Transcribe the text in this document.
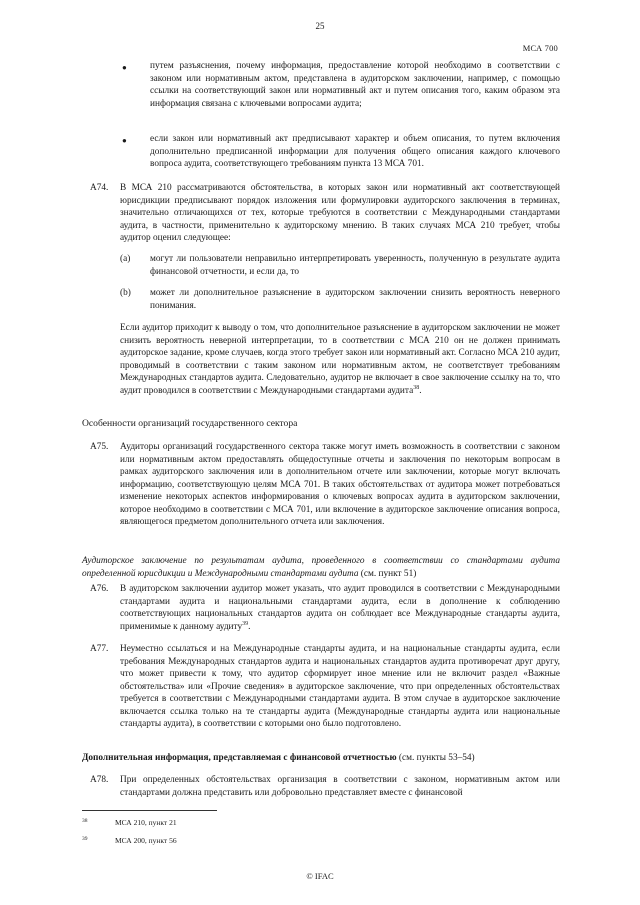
25
МСА 700
● путем разъяснения, почему информация, предоставление которой необходимо в соответствии с законом или нормативным актом, представлена в аудиторском заключении, например, с помощью ссылки на соответствующий закон или нормативный акт и путем описания того, каким образом эта информация связана с ключевыми вопросами аудита;
● если закон или нормативный акт предписывают характер и объем описания, то путем включения дополнительно предписанной информации для получения общего описания каждого ключевого вопроса аудита, соответствующего требованиям пункта 13 МСА 701.
A74. В МСА 210 рассматриваются обстоятельства, в которых закон или нормативный акт соответствующей юрисдикции предписывают порядок изложения или формулировки аудиторского заключения в терминах, значительно отличающихся от тех, которые требуются в соответствии с Международными стандартами аудита, в частности, применительно к аудиторскому мнению. В таких случаях МСА 210 требует, чтобы аудитор оценил следующее:
(a) могут ли пользователи неправильно интерпретировать уверенность, полученную в результате аудита финансовой отчетности, и если да, то
(b) может ли дополнительное разъяснение в аудиторском заключении снизить вероятность неверного понимания.
Если аудитор приходит к выводу о том, что дополнительное разъяснение в аудиторском заключении не может снизить вероятность неверной интерпретации, то в соответствии с МСА 210 он не должен принимать аудиторское задание, кроме случаев, когда этого требует закон или нормативный акт. Согласно МСА 210 аудит, проводимый в соответствии с таким законом или нормативным актом, не соответствует требованиям Международных стандартов аудита. Следовательно, аудитор не включает в свое заключение ссылку на то, что аудит проводился в соответствии с Международными стандартами аудита$^{38}$.
Особенности организаций государственного сектора
A75. Аудиторы организаций государственного сектора также могут иметь возможность в соответствии с законом или нормативным актом предоставлять общедоступные отчеты и заключения по некоторым вопросам в рамках аудиторского заключения или в дополнительном отчете или заключении, которые могут включать информацию, соответствующую целям МСА 701. В таких обстоятельствах от аудитора может потребоваться изменение некоторых аспектов информирования о ключевых вопросах аудита в аудиторском заключении, которое необходимо в соответствии с МСА 701, или включение в аудиторское заключение описания вопроса, являющегося предметом дополнительного отчета или заключения.
Аудиторское заключение по результатам аудита, проведенного в соответствии со стандартами аудита определенной юрисдикции и Международными стандартами аудита (см. пункт 51)
A76. В аудиторском заключении аудитор может указать, что аудит проводился в соответствии с Международными стандартами аудита и национальными стандартами аудита, если в дополнение к соблюдению соответствующих национальных стандартов аудита он соблюдает все Международные стандарты аудита, применимые к данному аудиту$^{39}$.
A77. Неуместно ссылаться и на Международные стандарты аудита, и на национальные стандарты аудита, если требования Международных стандартов аудита и национальных стандартов аудита противоречат друг другу, что может привести к тому, что аудитор сформирует иное мнение или не включит раздел «Важные обстоятельства» или «Прочие сведения» в аудиторское заключение, что при определенных обстоятельствах требуется в соответствии с Международными стандартами аудита. В этом случае в аудиторское заключение включается ссылка только на те стандарты аудита (Международные стандарты аудита или национальные стандарты аудита), в соответствии с которыми оно было подготовлено.
Дополнительная информация, представляемая с финансовой отчетностью (см. пункты 53–54)
A78. При определенных обстоятельствах организация в соответствии с законом, нормативным актом или стандартами должна представить или добровольно представляет вместе с финансовой
38	МСА 210, пункт 21
39	МСА 200, пункт 56
© IFAC
